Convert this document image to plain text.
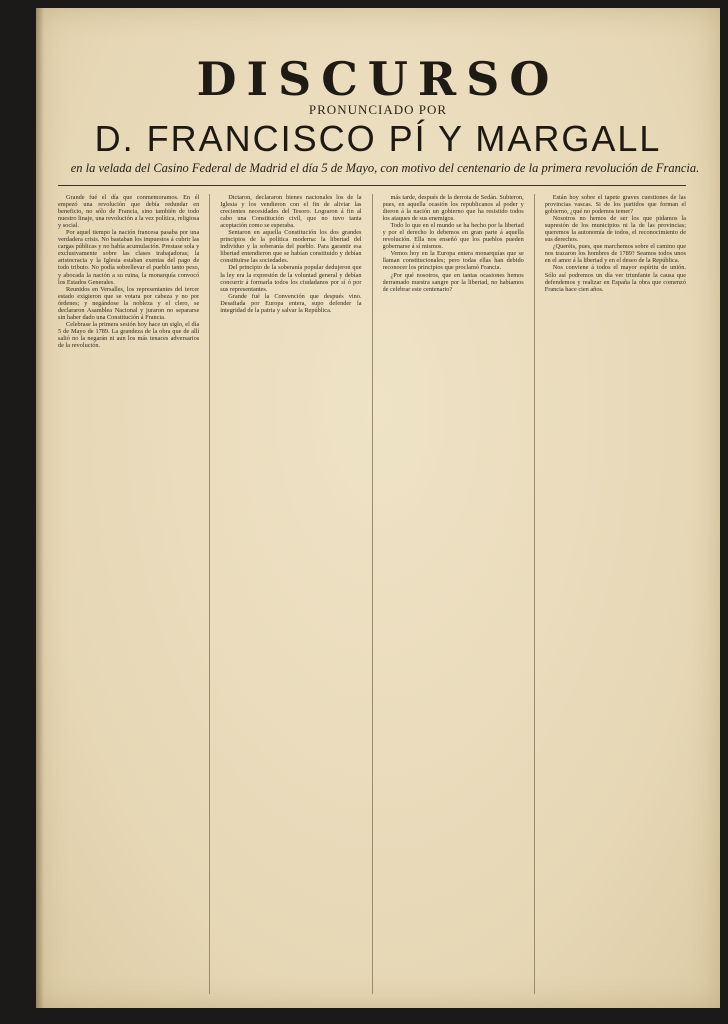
DISCURSO
PRONUNCIADO POR
D. FRANCISCO PÍ Y MARGALL
en la velada del Casino Federal de Madrid el día 5 de Mayo, con motivo del centenario de la primera revolución de Francia.

Grande fué el día que conmemoramos. En él empezó una revolución que debía redundar en beneficio, no sólo de Francia, sino también de todo nuestro linaje, una revolución a la vez política, religiosa y social.

Por aquel tiempo la nación francesa pasaba por una verdadera crisis. No bastaban los impuestos á cubrir las cargas públicas y no había acumulación. Prestase sola y exclusivamente sobre las clases trabajadoras; la aristocracia y la Iglesia estaban exentas del pago de todo tributo. No podía sobrellevar el pueblo tanto peso, y abocada la nación a su ruina, la monarquía convocó los Estados Generales.

Reunidos en Versalles, los representantes del tercer estado exigieron que se votara por cabeza y no por órdenes; y negándose la nobleza y el clero, se declararon Asamblea Nacional y juraron no separarse sin haber dado una Constitución á Francia.

Celebrase la primera sesión hoy hace un siglo, el día 5 de Mayo de 1789. La grandeza de la obra que de allí salió no la negarán ni aun los más tenaces adversarios de la revolución.

Dictaron, declararon bienes nacionales los de la Iglesia y los vendieron con el fin de aliviar las crecientes necesidades del Tesoro. Lograron á fin al cabo una Constitución civil, que no tuvo tanta aceptación como se esperaba.

Sentaron en aquella Constitución los dos grandes principios de la política moderna: la libertad del individuo y la soberanía del pueblo. Para garantir esa libertad entendieron que se habían constituido y debían constituirse las sociedades.

Del principio de la soberanía popular dedujeron que la ley era la expresión de la voluntad general y debían concurrir á formarla todos los ciudadanos por sí ó por sus representantes.

Grande fué la Convención que después vino. Desafiada por Europa entera, supo defender la integridad de la patria y salvar la República.

más tarde, después de la derrota de Sedán. Subieron, pues, en aquella ocasión los republicanos al poder y dieron á la nación un gobierno que ha resistido todos los ataques de sus enemigos.

Todo lo que en el mundo se ha hecho por la libertad y por el derecho lo debemos en gran parte á aquella revolución. Ella nos enseñó que los pueblos pueden gobernarse á sí mismos.

Vemos hoy en la Europa entera monarquías que se llaman constitucionales; pero todas ellas han debido reconocer los principios que proclamó Francia.

¿Por qué nosotros, que en tantas ocasiones hemos derramado nuestra sangre por la libertad, no habíamos de celebrar este centenario?

Están hoy sobre el tapete graves cuestiones de las provincias vascas. Si de los partidos que forman el gobierno, ¿qué no podemos temer?

Nosotros no hemos de ser los que pidamos la supresión de los municipios ni la de las provincias; queremos la autonomía de todos, el reconocimiento de sus derechos.

¿Queréis, pues, que marchemos sobre el camino que nos trazaron los hombres de 1789? Seamos todos unos en el amor á la libertad y en el deseo de la República.

Nos conviene á todos el mayor espíritu de unión. Sólo así podremos un día ver triunfante la causa que defendemos y realizar en España la obra que comenzó Francia hace cien años.
